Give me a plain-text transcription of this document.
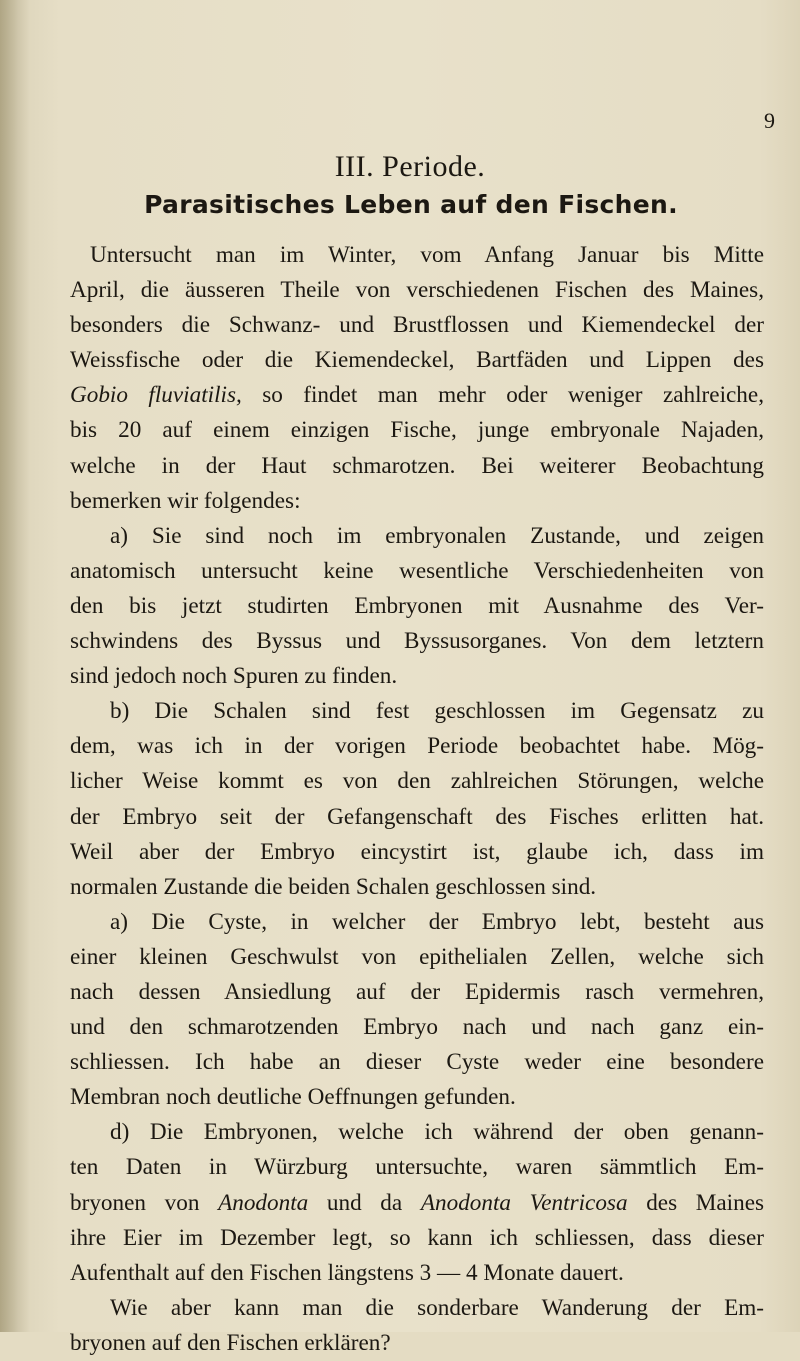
9
III. Periode.
Parasitisches Leben auf den Fischen.
Untersucht man im Winter, vom Anfang Januar bis Mitte
April, die äusseren Theile von verschiedenen Fischen des Maines,
besonders die Schwanz- und Brustflossen und Kiemendeckel der
Weissfische oder die Kiemendeckel, Bartfäden und Lippen des
Gobio fluviatilis, so findet man mehr oder weniger zahlreiche,
bis 20 auf einem einzigen Fische, junge embryonale Najaden,
welche in der Haut schmarotzen. Bei weiterer Beobachtung
bemerken wir folgendes:
a) Sie sind noch im embryonalen Zustande, und zeigen
anatomisch untersucht keine wesentliche Verschiedenheiten von
den bis jetzt studirten Embryonen mit Ausnahme des Ver-
schwindens des Byssus und Byssusorganes. Von dem letztern
sind jedoch noch Spuren zu finden.
b) Die Schalen sind fest geschlossen im Gegensatz zu
dem, was ich in der vorigen Periode beobachtet habe. Mög-
licher Weise kommt es von den zahlreichen Störungen, welche
der Embryo seit der Gefangenschaft des Fisches erlitten hat.
Weil aber der Embryo eincystirt ist, glaube ich, dass im
normalen Zustande die beiden Schalen geschlossen sind.
a) Die Cyste, in welcher der Embryo lebt, besteht aus
einer kleinen Geschwulst von epithelialen Zellen, welche sich
nach dessen Ansiedlung auf der Epidermis rasch vermehren,
und den schmarotzenden Embryo nach und nach ganz ein-
schliessen. Ich habe an dieser Cyste weder eine besondere
Membran noch deutliche Oeffnungen gefunden.
d) Die Embryonen, welche ich während der oben genann-
ten Daten in Würzburg untersuchte, waren sämmtlich Em-
bryonen von Anodonta und da Anodonta Ventricosa des Maines
ihre Eier im Dezember legt, so kann ich schliessen, dass dieser
Aufenthalt auf den Fischen längstens 3 — 4 Monate dauert.
Wie aber kann man die sonderbare Wanderung der Em-
bryonen auf den Fischen erklären?
